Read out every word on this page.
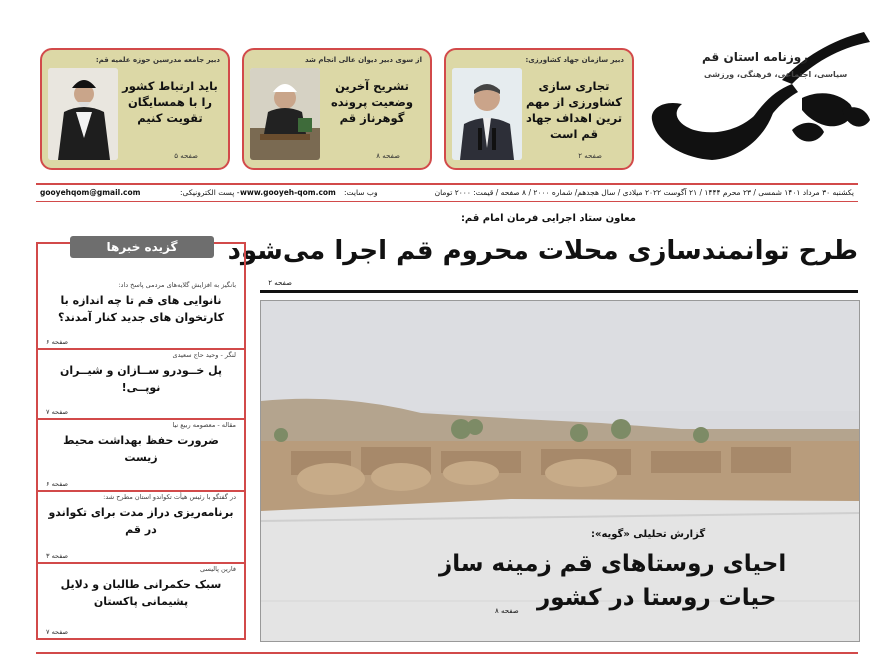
روزنامه استان قم
سیاسی، اجتماعی، فرهنگی، ورزشی
دبیر سازمان جهاد کشاورزی:
تجاری سازی کشاورزی از مهم ترین اهداف جهاد قم است
صفحه ۲
از سوی دبیر دیوان عالی انجام شد
تشریح آخرین وضعیت پرونده گوهرناز قم
صفحه ۸
دبیر جامعه مدرسین حوزه علمیه قم:
باید ارتباط کشور را با همسایگان تقویت کنیم
صفحه ۵
یکشنبه ۳۰ مرداد ۱۴۰۱ شمسی / ۲۳ محرم ۱۴۴۴ / ۲۱ آگوست ۲۰۲۲ میلادی / سال هجدهم/ شماره ۲۰۰۰ / ۸ صفحه / قیمت: ۲۰۰۰ تومان
وب سایت:
www.gooyeh-qom.com
- پست الکترونیکی:
gooyehqom@gmail.com
معاون ستاد اجرایی فرمان امام قم:
طرح توانمندسازی محلات محروم قم اجرا می‌شود
صفحه ۲
گزارش تحلیلی «گویه»:
احیای روستاهای قم زمینه ساز
حیات روستا در کشور
صفحه ۸
گزیده خبرها
بانگیز به افزایش گلایه‌های مردمی پاسخ داد:
نانوایی های قم تا چه اندازه با کارتخوان های جدید کنار آمدند؟
صفحه ۶
لنگر - وحید حاج سعیدی
پل خــودرو ســازان و شیــران نوپــی!
صفحه ۷
مقاله - معصومه ربیع نیا
ضرورت حفظ بهداشت محیط زیست
صفحه ۶
در گفتگو با رئیس هیأت تکواندو استان مطرح شد:
برنامه‌ریزی دراز مدت برای تکواندو در قم
صفحه ۳
فارین پالیسی
سبک حکمرانی طالبان و دلایل پشیمانی پاکستان
صفحه ۷
